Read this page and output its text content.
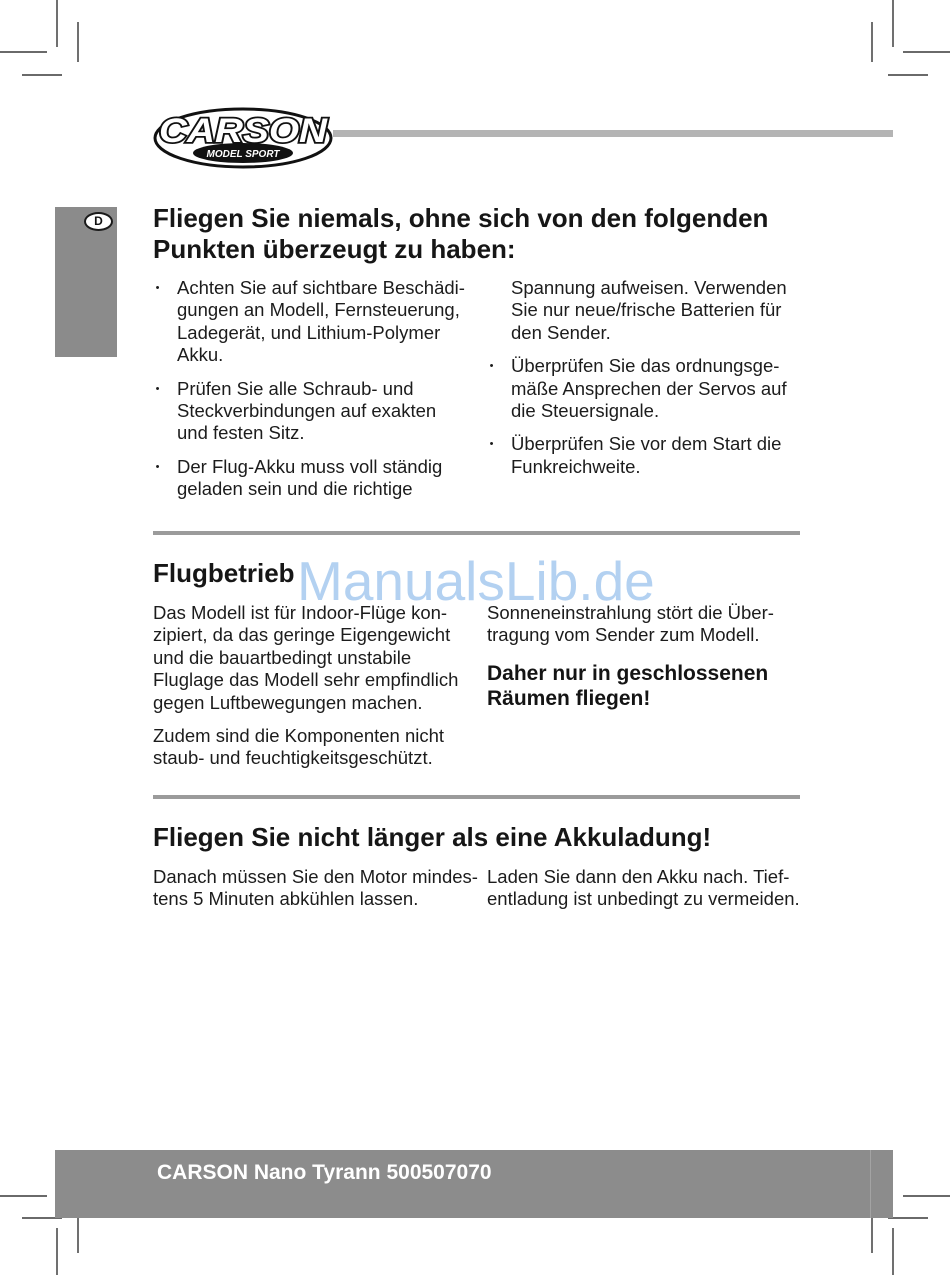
MODEL SPORT
CARSON
D	Fliegen Sie niemals, ohne sich von den folgenden
Punkten überzeugt zu haben:
• Achten Sie auf sichtbare Beschädi-
gungen an Modell, Fernsteuerung,
Ladegerät, und Lithium-Polymer
Akku.
• Prüfen Sie alle Schraub- und
Steckverbindungen auf exakten
und festen Sitz.
• Der Flug-Akku muss voll ständig
geladen sein und die richtige
Spannung aufweisen. Verwenden
Sie nur neue/frische Batterien für
den Sender.
• Überprüfen Sie das ordnungsge-
mäße Ansprechen der Servos auf
die Steuersignale.
• Überprüfen Sie vor dem Start die
Funkreichweite.
Flugbetrieb
Das Modell ist für Indoor-Flüge kon-
zipiert, da das geringe Eigengewicht
und die bauartbedingt unstabile
Fluglage das Modell sehr empfindlich
gegen Luftbewegungen machen.
Zudem sind die Komponenten nicht
staub- und feuchtigkeitsgeschützt.
Sonneneinstrahlung stört die Über-
tragung vom Sender zum Modell.
Daher nur in geschlossenen
Räumen fliegen!
ManualsLib.de
Fliegen Sie nicht länger als eine Akkuladung!
Danach müssen Sie den Motor mindes-
tens 5 Minuten abkühlen lassen.
Laden Sie dann den Akku nach. Tief-
entladung ist unbedingt zu vermeiden.
CARSON Nano Tyrann 500507070
